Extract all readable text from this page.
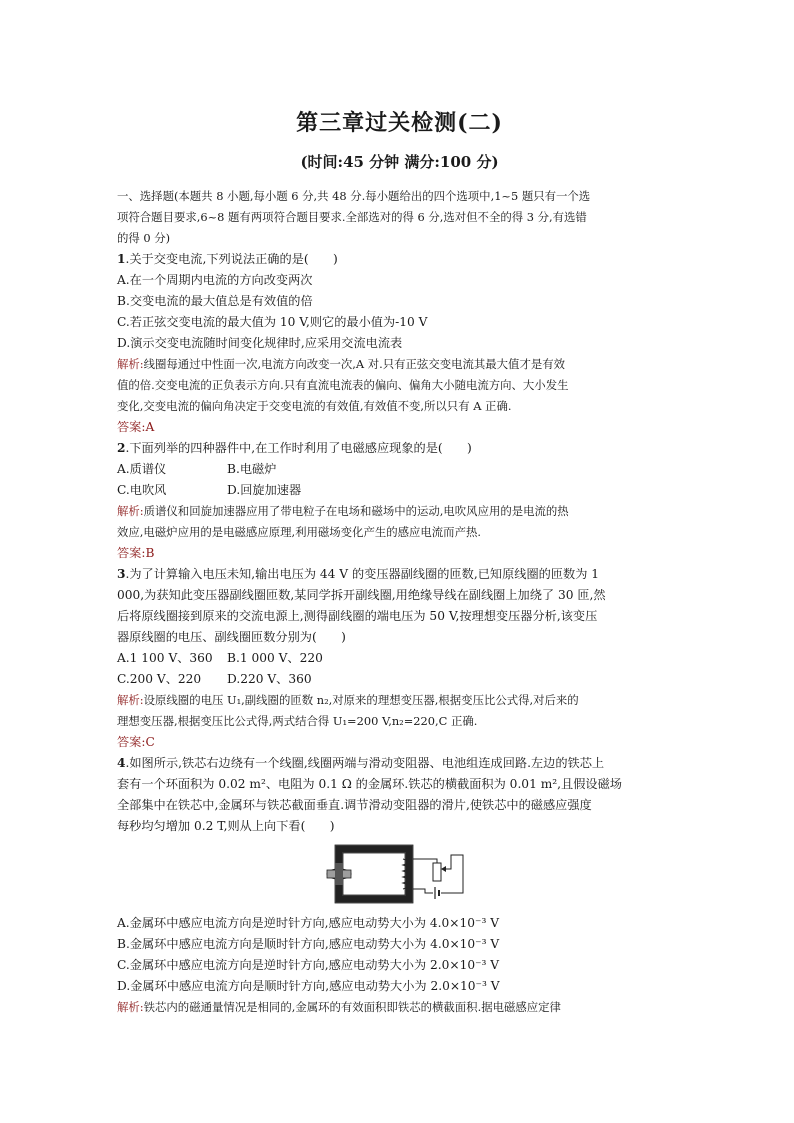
第三章过关检测(二)
(时间:45 分钟 满分:100 分)

一、选择题(本题共 8 小题,每小题 6 分,共 48 分.每小题给出的四个选项中,1~5 题只有一个选

项符合题目要求,6~8 题有两项符合题目要求.全部选对的得 6 分,选对但不全的得 3 分,有选错

的得 0 分)

1.关于交变电流,下列说法正确的是(　　)

A.在一个周期内电流的方向改变两次

B.交变电流的最大值总是有效值的倍

C.若正弦交变电流的最大值为 10 V,则它的最小值为-10 V

D.演示交变电流随时间变化规律时,应采用交流电流表

解析:线圈每通过中性面一次,电流方向改变一次,A 对.只有正弦交变电流其最大值才是有效

值的倍.交变电流的正负表示方向.只有直流电流表的偏向、偏角大小随电流方向、大小发生

变化,交变电流的偏向角决定于交变电流的有效值,有效值不变,所以只有 A 正确.

答案:A

2.下面列举的四种器件中,在工作时利用了电磁感应现象的是(　　)

A.质谱仪	B.电磁炉
C.电吹风	D.回旋加速器

解析:质谱仪和回旋加速器应用了带电粒子在电场和磁场中的运动,电吹风应用的是电流的热

效应,电磁炉应用的是电磁感应原理,利用磁场变化产生的感应电流而产热.

答案:B

3.为了计算输入电压未知,输出电压为 44 V 的变压器副线圈的匝数,已知原线圈的匝数为 1

000,为获知此变压器副线圈匝数,某同学拆开副线圈,用绝缘导线在副线圈上加绕了 30 匝,然

后将原线圈接到原来的交流电源上,测得副线圈的端电压为 50 V,按理想变压器分析,该变压

器原线圈的电压、副线圈匝数分别为(　　)

A.1 100 V、360	B.1 000 V、220
C.200 V、220	D.220 V、360

解析:设原线圈的电压 U₁,副线圈的匝数 n₂,对原来的理想变压器,根据变压比公式得,对后来的

理想变压器,根据变压比公式得,两式结合得 U₁=200 V,n₂=220,C 正确.

答案:C

4.如图所示,铁芯右边绕有一个线圈,线圈两端与滑动变阻器、电池组连成回路.左边的铁芯上

套有一个环面积为 0.02 m²、电阻为 0.1 Ω 的金属环.铁芯的横截面积为 0.01 m²,且假设磁场

全部集中在铁芯中,金属环与铁芯截面垂直.调节滑动变阻器的滑片,使铁芯中的磁感应强度

每秒均匀增加 0.2 T,则从上向下看(　　)

A.金属环中感应电流方向是逆时针方向,感应电动势大小为 4.0×10⁻³ V

B.金属环中感应电流方向是顺时针方向,感应电动势大小为 4.0×10⁻³ V

C.金属环中感应电流方向是逆时针方向,感应电动势大小为 2.0×10⁻³ V

D.金属环中感应电流方向是顺时针方向,感应电动势大小为 2.0×10⁻³ V

解析:铁芯内的磁通量情况是相同的,金属环的有效面积即铁芯的横截面积.据电磁感应定律
